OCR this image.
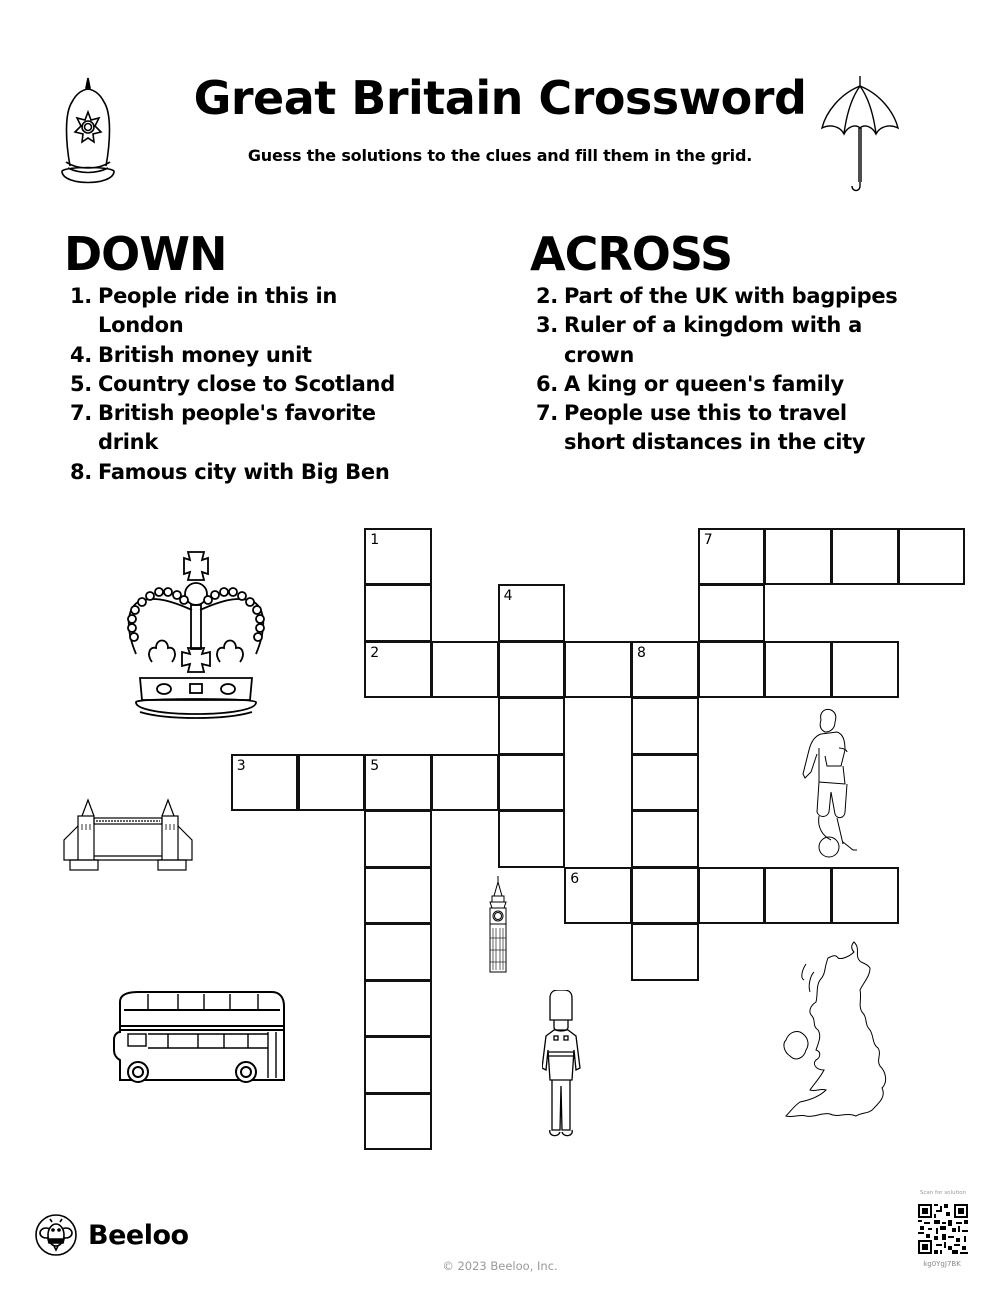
Great Britain Crossword
Guess the solutions to the clues and fill them in the grid.
DOWN
1. People ride in this in London
4. British money unit
5. Country close to Scotland
7. British people's favorite drink
8. Famous city with Big Ben
ACROSS
2. Part of the UK with bagpipes
3. Ruler of a kingdom with a crown
6. A king or queen's family
7. People use this to travel short distances in the city
1	7
4
2	8
3	5
6
Beeloo
© 2023 Beeloo, Inc.
Scan for solution
kg0YgJ7BK
